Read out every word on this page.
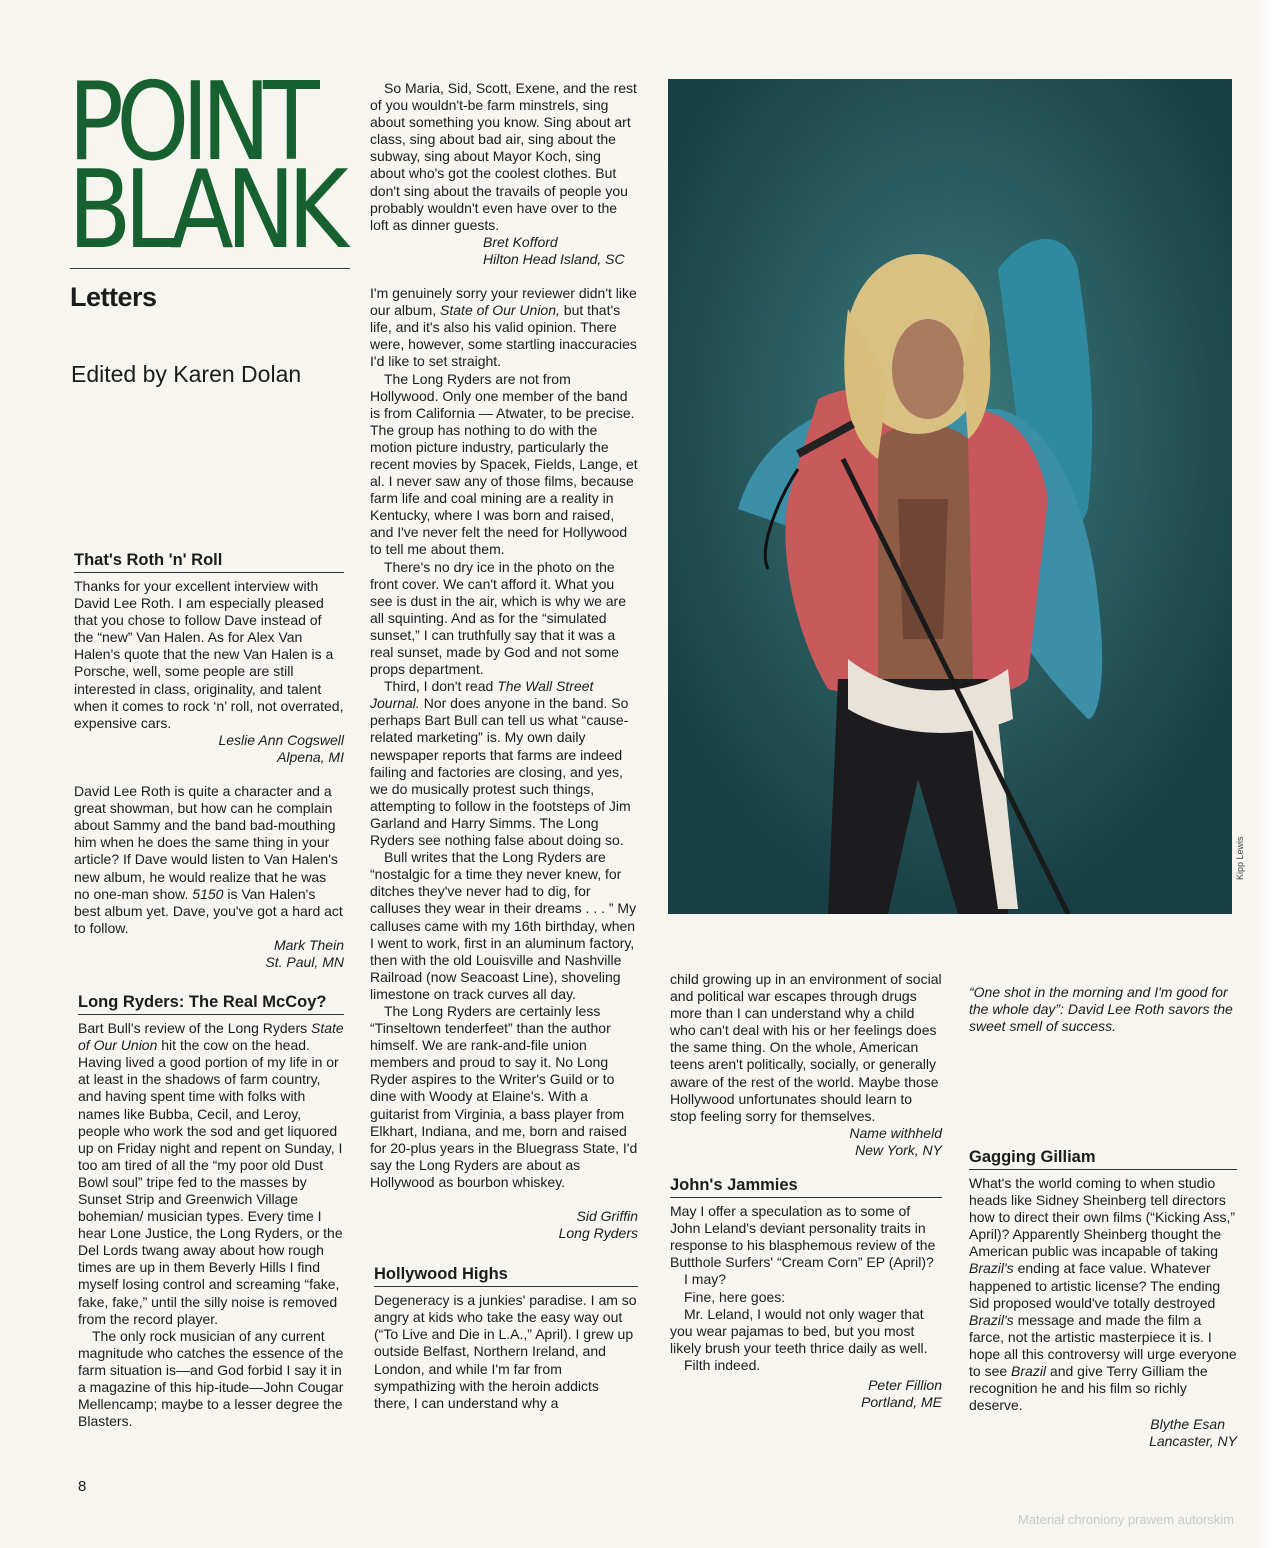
POINT
BLANK
Letters

Edited by Karen Dolan

That's Roth 'n' Roll

Thanks for your excellent interview with David Lee Roth. I am especially pleased that you chose to follow Dave instead of the “new” Van Halen. As for Alex Van Halen's quote that the new Van Halen is a Porsche, well, some people are still interested in class, originality, and talent when it comes to rock ‘n’ roll, not overrated, expensive cars.

Leslie Ann Cogswell

Alpena, MI

David Lee Roth is quite a character and a great showman, but how can he complain about Sammy and the band bad-mouthing him when he does the same thing in your article? If Dave would listen to Van Halen's new album, he would realize that he was no one-man show. 5150 is Van Halen's best album yet. Dave, you've got a hard act to follow.

Mark Thein

St. Paul, MN

Long Ryders: The Real McCoy?

Bart Bull's review of the Long Ryders State of Our Union hit the cow on the head. Having lived a good portion of my life in or at least in the shadows of farm country, and having spent time with folks with names like Bubba, Cecil, and Leroy, people who work the sod and get liquored up on Friday night and repent on Sunday, I too am tired of all the “my poor old Dust Bowl soul” tripe fed to the masses by Sunset Strip and Greenwich Village bohemian/ musician types. Every time I hear Lone Justice, the Long Ryders, or the Del Lords twang away about how rough times are up in them Beverly Hills I find myself losing control and screaming “fake, fake, fake,” until the silly noise is removed from the record player.

The only rock musician of any current magnitude who catches the essence of the farm situation is—and God forbid I say it in a magazine of this hip-itude—John Cougar Mellencamp; maybe to a lesser degree the Blasters.

So Maria, Sid, Scott, Exene, and the rest of you wouldn't-be farm minstrels, sing about something you know. Sing about art class, sing about bad air, sing about the subway, sing about Mayor Koch, sing about who's got the coolest clothes. But don't sing about the travails of people you probably wouldn't even have over to the loft as dinner guests.

Bret Kofford

Hilton Head Island, SC

I'm genuinely sorry your reviewer didn't like our album, State of Our Union, but that's life, and it's also his valid opinion. There were, however, some startling inaccuracies I'd like to set straight.

The Long Ryders are not from Hollywood. Only one member of the band is from California — Atwater, to be precise. The group has nothing to do with the motion picture industry, particularly the recent movies by Spacek, Fields, Lange, et al. I never saw any of those films, because farm life and coal mining are a reality in Kentucky, where I was born and raised, and I've never felt the need for Hollywood to tell me about them.

There's no dry ice in the photo on the front cover. We can't afford it. What you see is dust in the air, which is why we are all squinting. And as for the “simulated sunset,” I can truthfully say that it was a real sunset, made by God and not some props department.

Third, I don't read The Wall Street Journal. Nor does anyone in the band. So perhaps Bart Bull can tell us what “cause-related marketing” is. My own daily newspaper reports that farms are indeed failing and factories are closing, and yes, we do musically protest such things, attempting to follow in the footsteps of Jim Garland and Harry Simms. The Long Ryders see nothing false about doing so.

Bull writes that the Long Ryders are “nostalgic for a time they never knew, for ditches they've never had to dig, for calluses they wear in their dreams . . . ” My calluses came with my 16th birthday, when I went to work, first in an aluminum factory, then with the old Louisville and Nashville Railroad (now Seacoast Line), shoveling limestone on track curves all day.

The Long Ryders are certainly less “Tinseltown tenderfeet” than the author himself. We are rank-and-file union members and proud to say it. No Long Ryder aspires to the Writer's Guild or to dine with Woody at Elaine's. With a guitarist from Virginia, a bass player from Elkhart, Indiana, and me, born and raised for 20-plus years in the Bluegrass State, I'd say the Long Ryders are about as Hollywood as bourbon whiskey.

Sid Griffin

Long Ryders

Hollywood Highs

Degeneracy is a junkies' paradise. I am so angry at kids who take the easy way out (“To Live and Die in L.A.,” April). I grew up outside Belfast, Northern Ireland, and London, and while I'm far from sympathizing with the heroin addicts there, I can understand why a

Kipp Lewis

child growing up in an environment of social and political war escapes through drugs more than I can understand why a child who can't deal with his or her feelings does the same thing. On the whole, American teens aren't politically, socially, or generally aware of the rest of the world. Maybe those Hollywood unfortunates should learn to stop feeling sorry for themselves.

Name withheld

New York, NY

John's Jammies

May I offer a speculation as to some of John Leland's deviant personality traits in response to his blasphemous review of the Butthole Surfers' “Cream Corn” EP (April)?

I may?

Fine, here goes:

Mr. Leland, I would not only wager that you wear pajamas to bed, but you most likely brush your teeth thrice daily as well.

Filth indeed.

Peter Fillion

Portland, ME

“One shot in the morning and I'm good for the whole day”: David Lee Roth savors the sweet smell of success.

Gagging Gilliam

What's the world coming to when studio heads like Sidney Sheinberg tell directors how to direct their own films (“Kicking Ass,” April)? Apparently Sheinberg thought the American public was incapable of taking Brazil's ending at face value. Whatever happened to artistic license? The ending Sid proposed would've totally destroyed Brazil's message and made the film a farce, not the artistic masterpiece it is. I hope all this controversy will urge everyone to see Brazil and give Terry Gilliam the recognition he and his film so richly deserve.

Blythe Esan

Lancaster, NY

8
Materiał chroniony prawem autorskim
